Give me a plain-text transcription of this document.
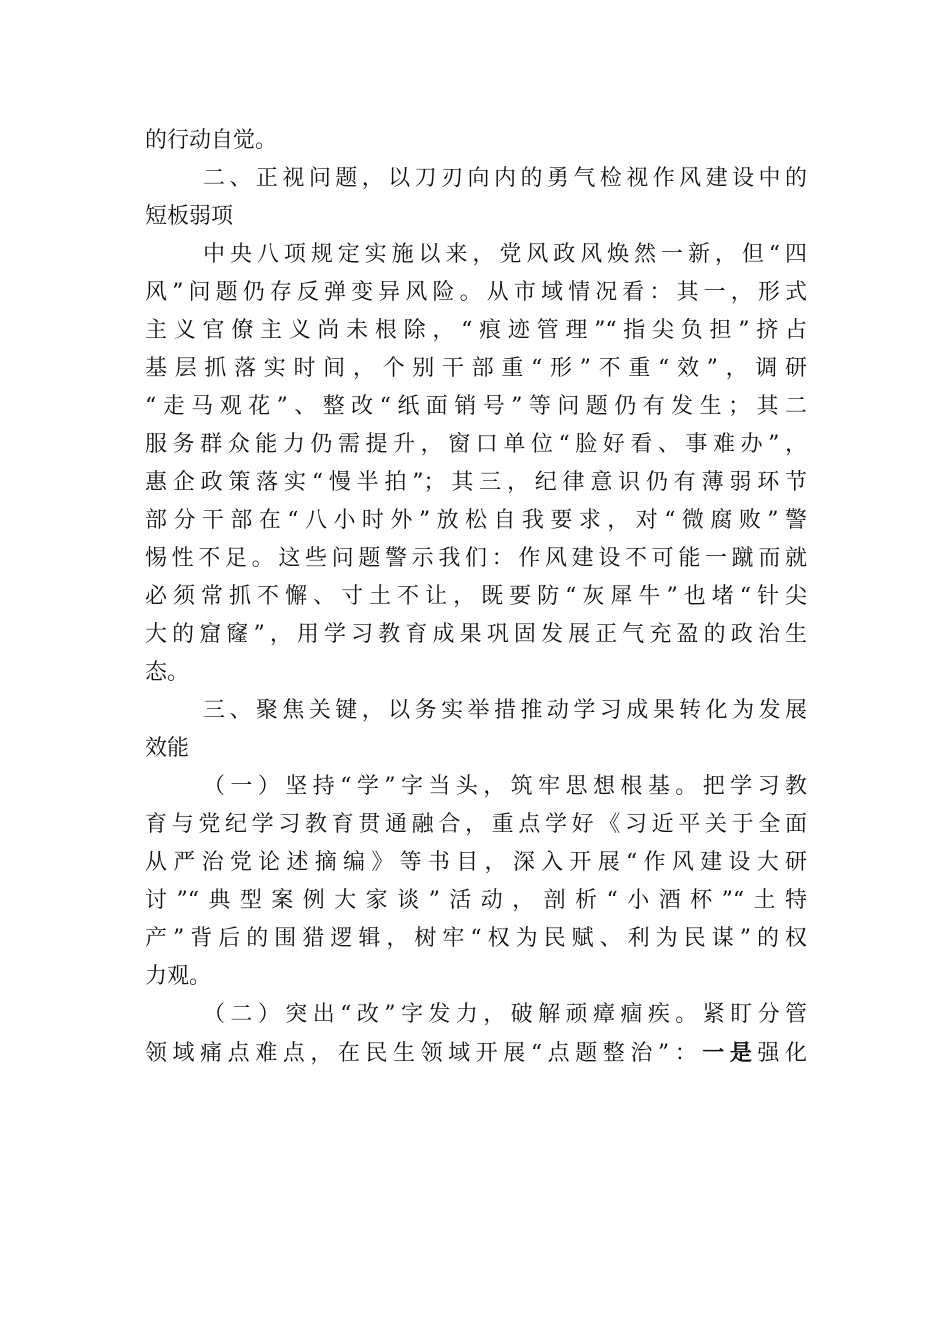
的行动自觉。
二、正视问题，以刀刃向内的勇气检视作风建设中的
短板弱项
中央八项规定实施以来，党风政风焕然一新，但“四
风”问题仍存反弹变异风险。从市域情况看：其一，形式
主义官僚主义尚未根除，“痕迹管理”“指尖负担”挤占
基层抓落实时间，个别干部重“形”不重“效”，调研
“走马观花”、整改“纸面销号”等问题仍有发生；其二
服务群众能力仍需提升，窗口单位“脸好看、事难办”，
惠企政策落实“慢半拍”；其三，纪律意识仍有薄弱环节
部分干部在“八小时外”放松自我要求，对“微腐败”警
惕性不足。这些问题警示我们：作风建设不可能一蹴而就
必须常抓不懈、寸土不让，既要防“灰犀牛”也堵“针尖
大的窟窿”，用学习教育成果巩固发展正气充盈的政治生
态。
三、聚焦关键，以务实举措推动学习成果转化为发展
效能
（一）坚持“学”字当头，筑牢思想根基。把学习教
育与党纪学习教育贯通融合，重点学好《习近平关于全面
从严治党论述摘编》等书目，深入开展“作风建设大研
讨”“典型案例大家谈”活动，剖析“小酒杯”“土特
产”背后的围猎逻辑，树牢“权为民赋、利为民谋”的权
力观。
（二）突出“改”字发力，破解顽瘴痼疾。紧盯分管
领域痛点难点，在民生领域开展“点题整治”：一是强化
